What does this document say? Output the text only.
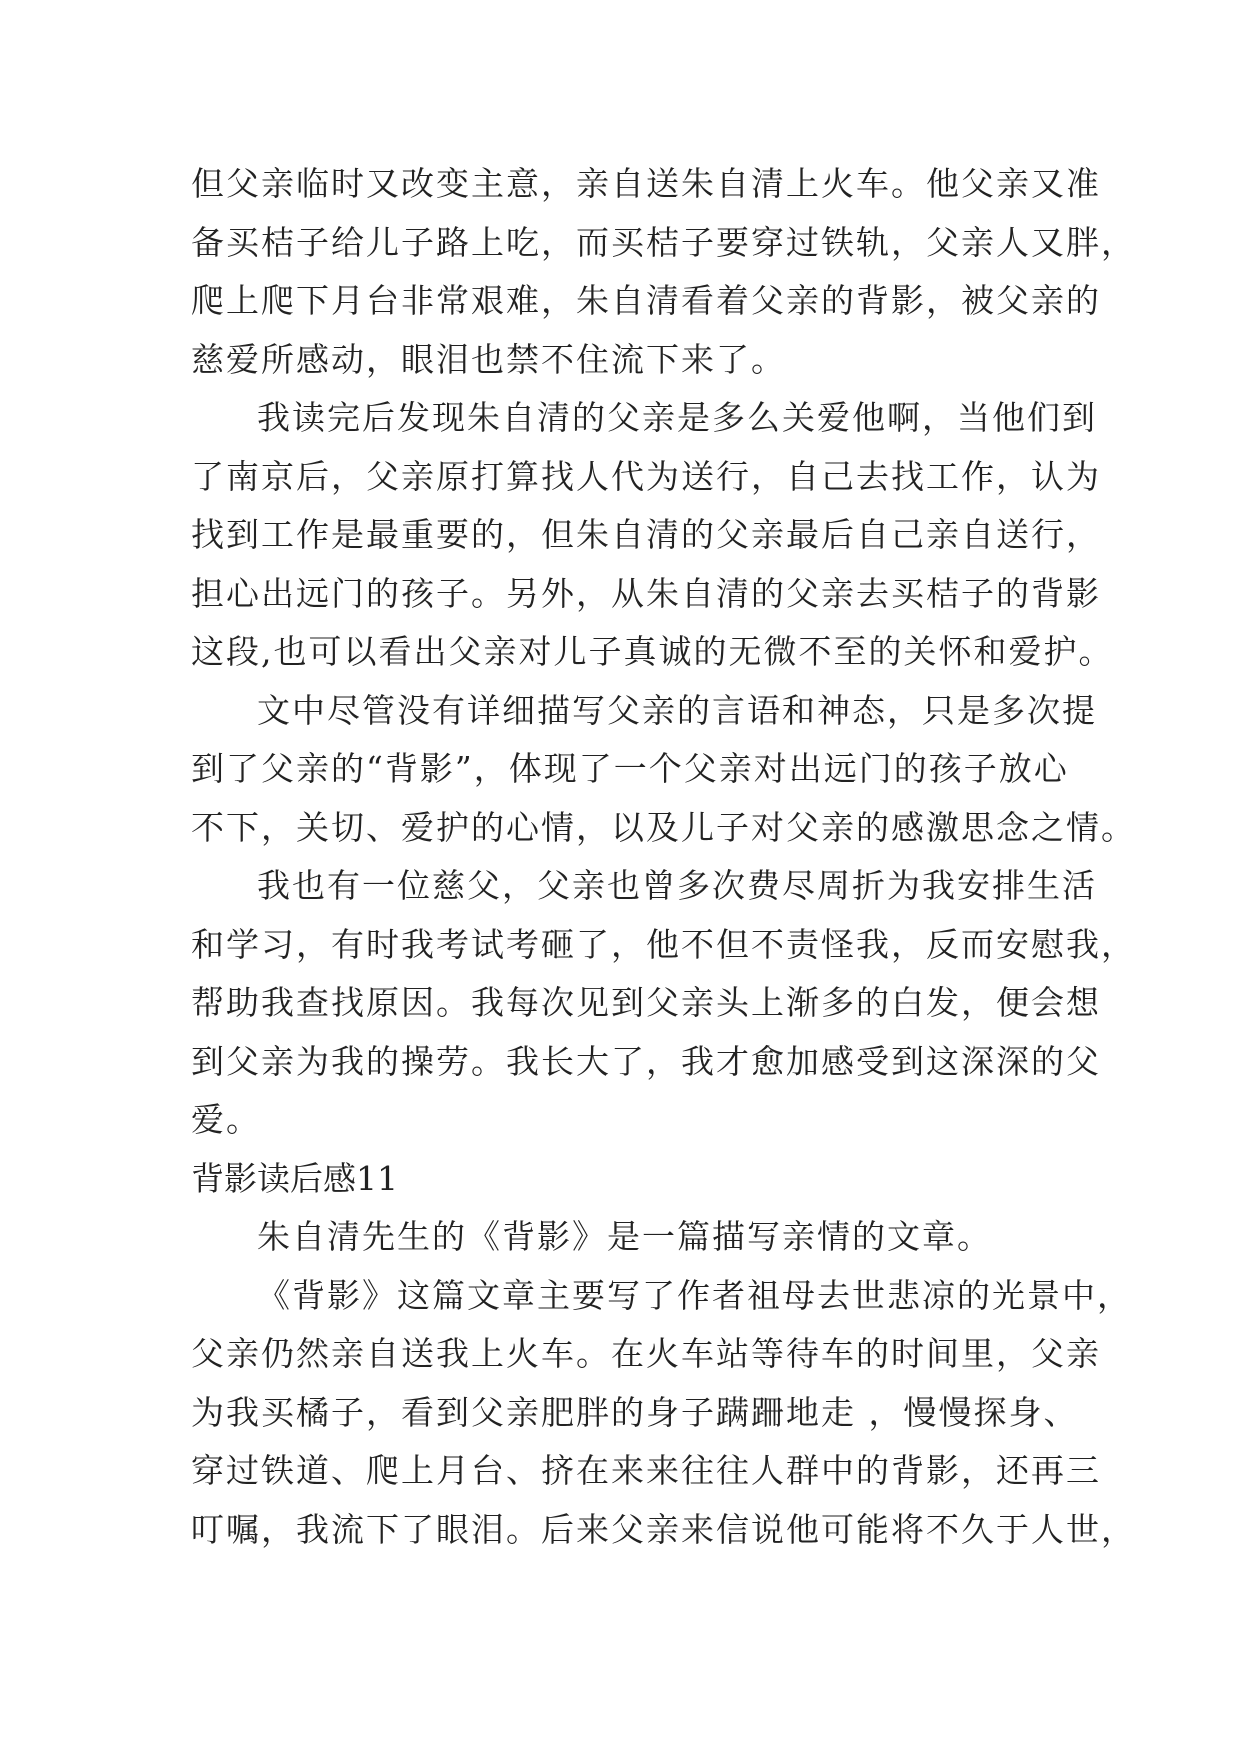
但父亲临时又改变主意，亲自送朱自清上火车。他父亲又准
备买桔子给儿子路上吃，而买桔子要穿过铁轨，父亲人又胖，
爬上爬下月台非常艰难，朱自清看着父亲的背影，被父亲的
慈爱所感动，眼泪也禁不住流下来了。
我读完后发现朱自清的父亲是多么关爱他啊，当他们到
了南京后，父亲原打算找人代为送行，自己去找工作，认为
找到工作是最重要的，但朱自清的父亲最后自己亲自送行，
担心出远门的孩子。另外，从朱自清的父亲去买桔子的背影
这段,也可以看出父亲对儿子真诚的无微不至的关怀和爱护。
文中尽管没有详细描写父亲的言语和神态，只是多次提
到了父亲的“背影”，体现了一个父亲对出远门的孩子放心
不下，关切、爱护的心情，以及儿子对父亲的感激思念之情。
我也有一位慈父，父亲也曾多次费尽周折为我安排生活
和学习，有时我考试考砸了，他不但不责怪我，反而安慰我，
帮助我查找原因。我每次见到父亲头上渐多的白发，便会想
到父亲为我的操劳。我长大了，我才愈加感受到这深深的父
爱。
背影读后感11
朱自清先生的《背影》是一篇描写亲情的文章。
《背影》这篇文章主要写了作者祖母去世悲凉的光景中，
父亲仍然亲自送我上火车。在火车站等待车的时间里，父亲
为我买橘子，看到父亲肥胖的身子蹒跚地走 ，慢慢探身、
穿过铁道、爬上月台、挤在来来往往人群中的背影，还再三
叮嘱，我流下了眼泪。后来父亲来信说他可能将不久于人世，
